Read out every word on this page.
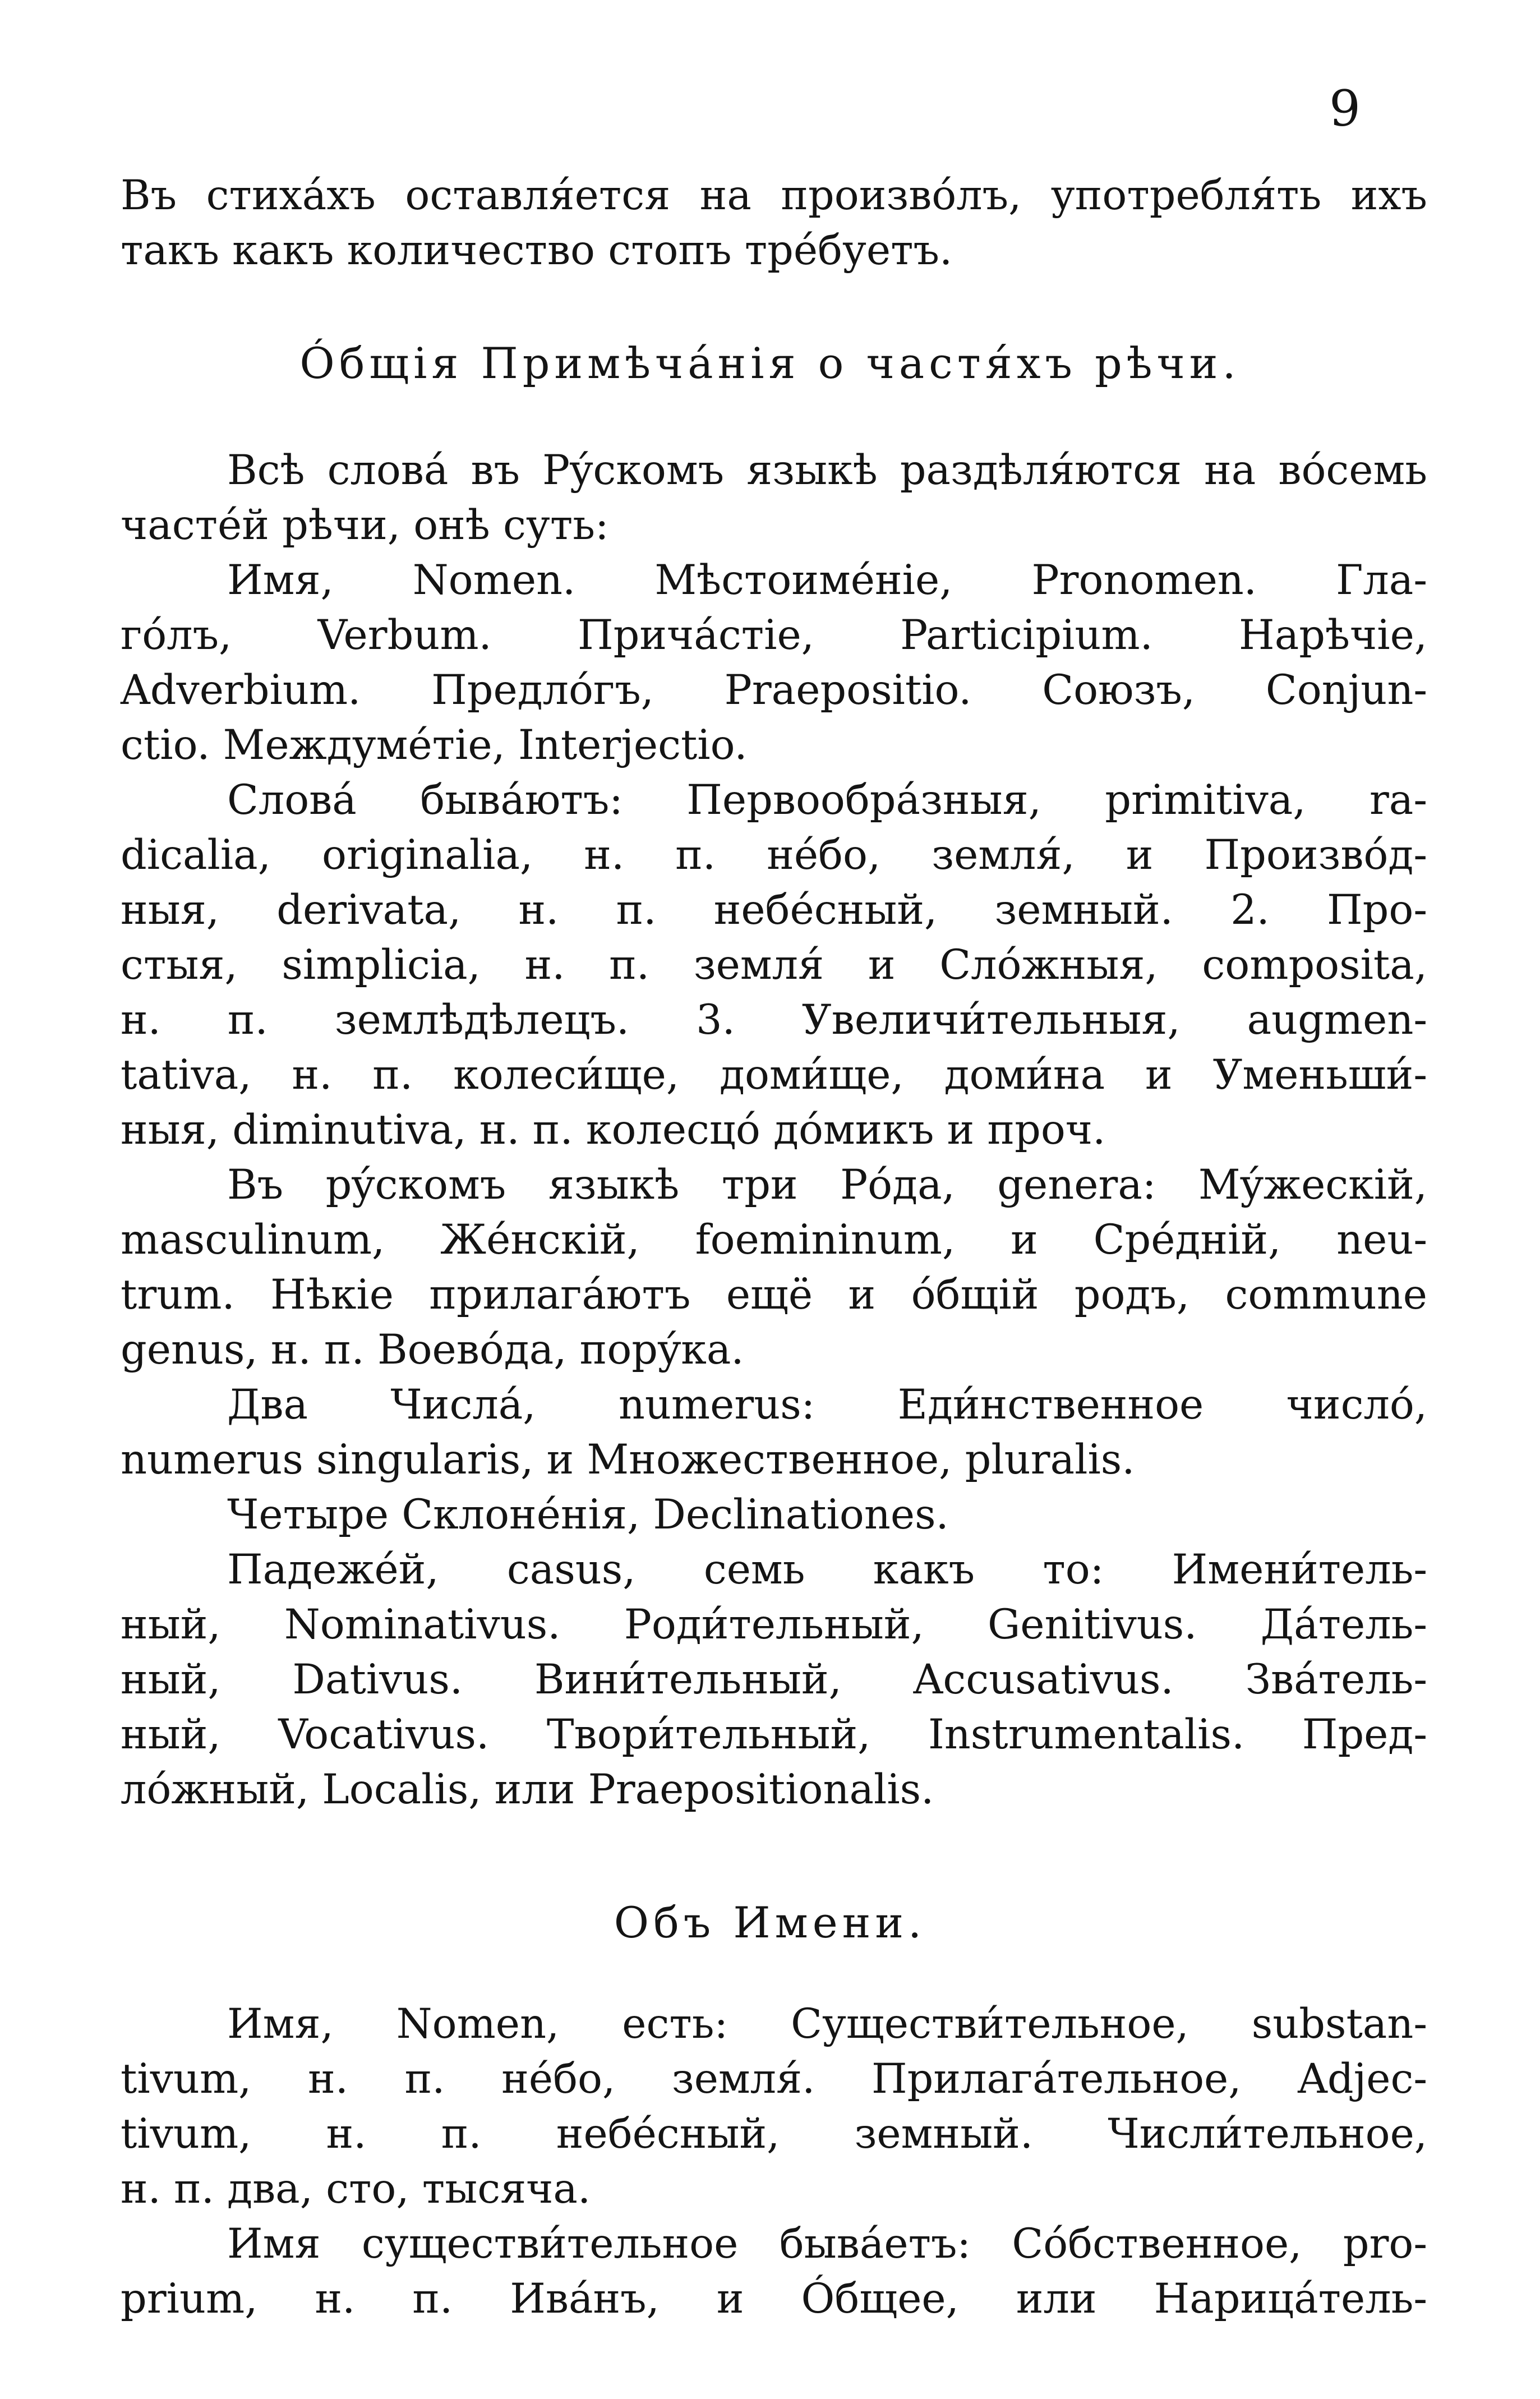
9
Въ стихáхъ оставля́ется на произвóлъ, употребля́ть ихъ
такъ какъ количество стопъ трéбуетъ.
Óбщія Примѣчáнія о частя́хъ рѣчи.
Всѣ словá въ Рýскомъ языкѣ раздѣля́ются на вóсемь
частéй рѣчи, онѣ суть:
Имя, Nomen. Мѣстоимéніе, Pronomen. Гла-
гóлъ, Verbum. Причáстіе, Participium. Нарѣчіе,
Adverbium. Предлóгъ, Praepositio. Союзъ, Conjun-
ctio. Междумéтіе, Interjectio.
Словá бывáютъ: Первообрáзныя, primitiva, ra-
dicalia, originalia, н. п. нéбо, земля́, и Произвóд-
ныя, derivata, н. п. небéсный, земный. 2. Про-
стыя, simplicia, н. п. земля́ и Слóжныя, composita,
н. п. землѣдѣлецъ. 3. Увеличи́тельныя, augmen-
tativa, н. п. колеси́ще, доми́ще, доми́на и Уменьши́-
ныя, diminutiva, н. п. колесцó дóмикъ и проч.
Въ рýскомъ языкѣ три Рóда, genera: Мýжескій,
masculinum, Жéнскій, foemininum, и Срéдній, neu-
trum. Нѣкіе прилагáютъ ещё и óбщій родъ, commune
genus, н. п. Воевóда, порýка.
Два Числá, numerus: Еди́нственное числó,
numerus singularis, и Множественное, pluralis.
Четыре Склонéнія, Declinationes.
Падежéй, casus, семь какъ то: Имени́тель-
ный, Nominativus. Роди́тельный, Genitivus. Дáтель-
ный, Dativus. Вини́тельный, Accusativus. Звáтель-
ный, Vocativus. Твори́тельный, Instrumentalis. Пред-
лóжный, Localis, или Praepositionalis.
Объ Имени.
Имя, Nomen, есть: Существи́тельное, substan-
tivum, н. п. нéбо, земля́. Прилагáтельное, Adjec-
tivum, н. п. небéсный, земный. Числи́тельное,
н. п. два, сто, тысяча.
Имя существи́тельное бывáетъ: Сóбственное, pro-
prium, н. п. Ивáнъ, и Óбщее, или Нарицáтель-
